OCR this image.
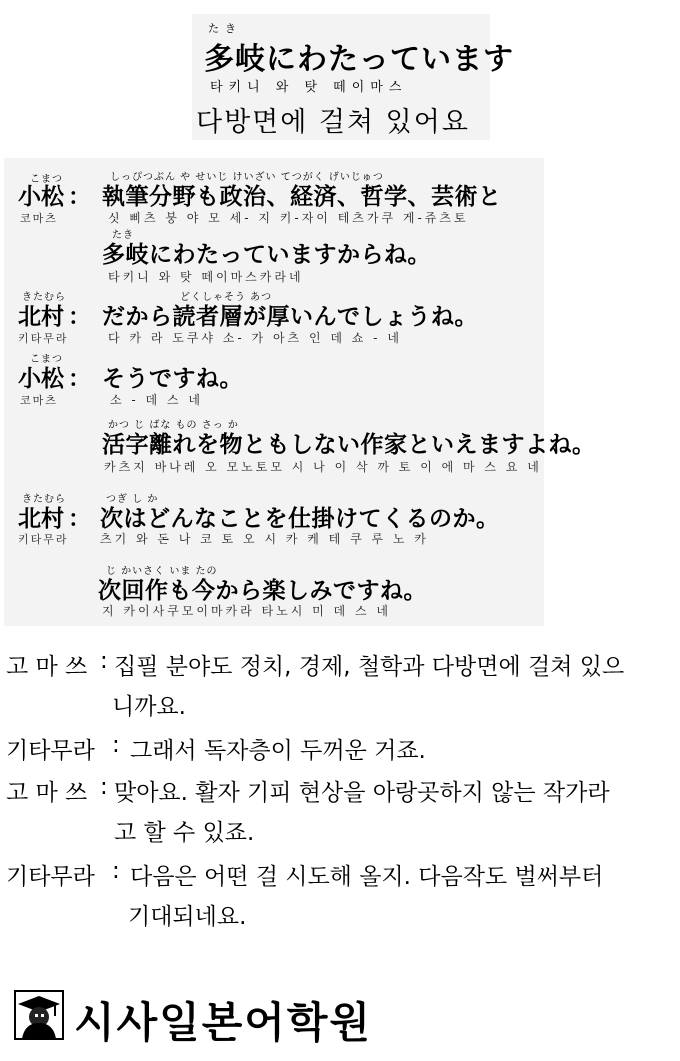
たき
多岐にわたっています
타키니 와 탓 떼이마스
다방면에 걸쳐 있어요
こまつ
小松 ：
しっぴつぶん や せいじ けいざい てつがく げいじゅつ
執筆分野も政治、経済、哲学、芸術と
코마츠	싯 삐츠 붕 야 모 세- 지 키-자이 테츠가쿠 게-쥬츠토
たき
多岐にわたっていますからね。
타키니 와 탓 떼이마스카라네
きたむら
北村 ：
どくしゃそう あつ
だから読者層が厚いんでしょうね。
키타무라	다 카 라 도쿠샤 소- 가 아츠 인 데 쇼 - 네
こまつ
小松 ： そうですね。
코마츠	소 - 데 스 네
かつ じ ばな もの さっ か
活字離れを物ともしない作家といえますよね。
카츠지 바나레 오 모노토모 시 나 이 삭 까 토 이 에 마 스 요 네
きたむら
北村 ：
つぎ し か
次はどんなことを仕掛けてくるのか。
키타무라	츠기 와 돈 나 코 토 오 시 카 케 테 쿠 루 노 카
じ かいさく いま たの
次回作も今から楽しみですね。
지 카이사쿠모이마카라 타노시 미 데 스 네
고 마 쓰 : 집필 분야도 정치, 경제, 철학과 다방면에 걸쳐 있으
니까요.
기타무라 : 그래서 독자층이 두꺼운 거죠.
고 마 쓰 : 맞아요. 활자 기피 현상을 아랑곳하지 않는 작가라
고 할 수 있죠.
기타무라 : 다음은 어떤 걸 시도해 올지. 다음작도 벌써부터
기대되네요.
시사일본어학원
